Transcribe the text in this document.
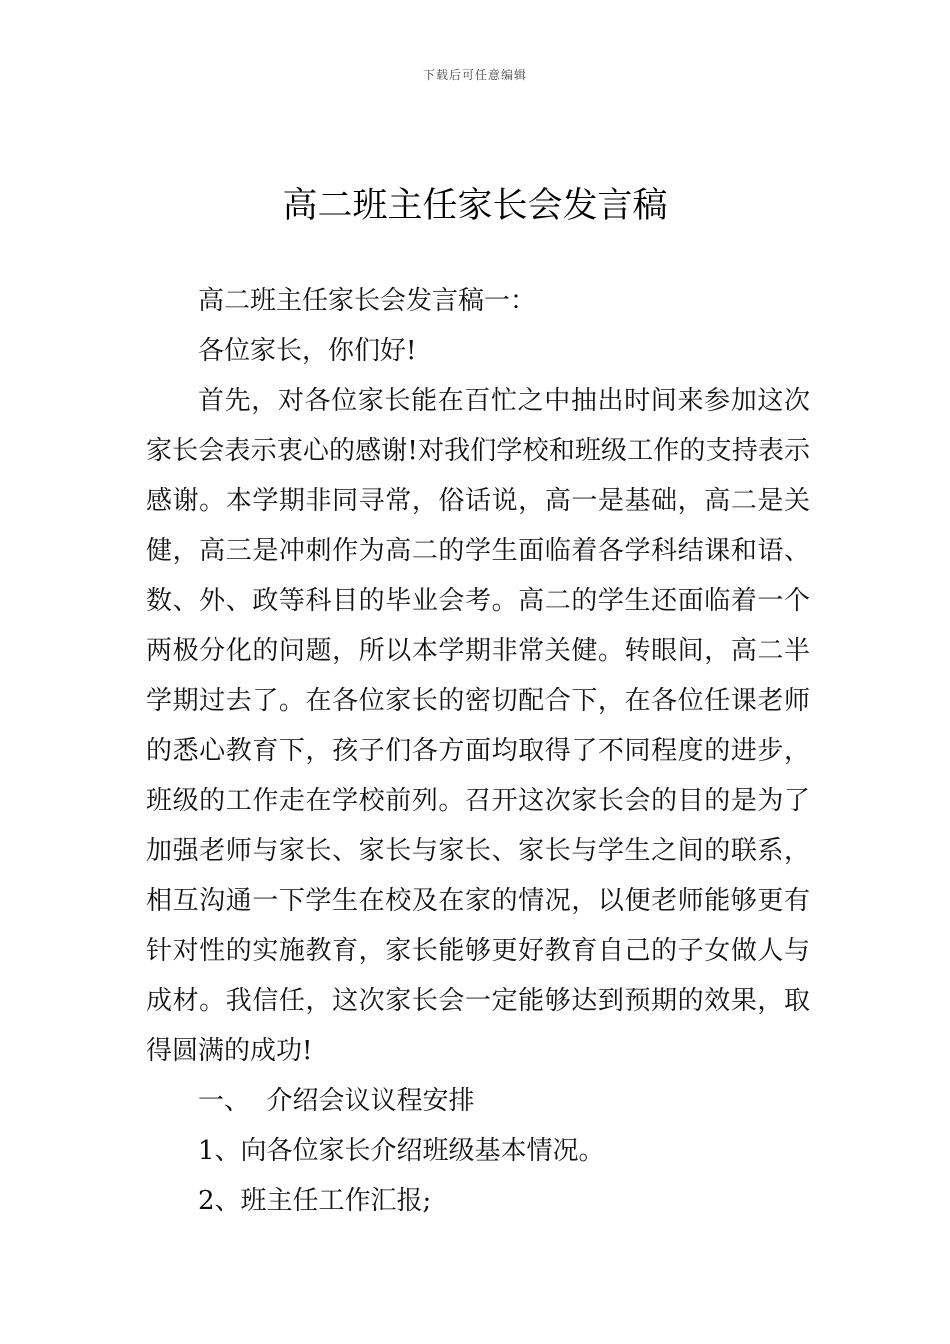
下载后可任意编辑
高二班主任家长会发言稿

高二班主任家长会发言稿一：

各位家长，你们好!

首先，对各位家长能在百忙之中抽出时间来参加这次家长会表示衷心的感谢!对我们学校和班级工作的支持表示感谢。本学期非同寻常，俗话说，高一是基础，高二是关健，高三是冲刺作为高二的学生面临着各学科结课和语、数、外、政等科目的毕业会考。高二的学生还面临着一个两极分化的问题，所以本学期非常关健。转眼间，高二半学期过去了。在各位家长的密切配合下，在各位任课老师的悉心教育下，孩子们各方面均取得了不同程度的进步，班级的工作走在学校前列。召开这次家长会的目的是为了加强老师与家长、家长与家长、家长与学生之间的联系，相互沟通一下学生在校及在家的情况，以便老师能够更有针对性的实施教育，家长能够更好教育自己的子女做人与成材。我信任，这次家长会一定能够达到预期的效果，取得圆满的成功!

一、  介绍会议议程安排

1、向各位家长介绍班级基本情况。

2、班主任工作汇报;
